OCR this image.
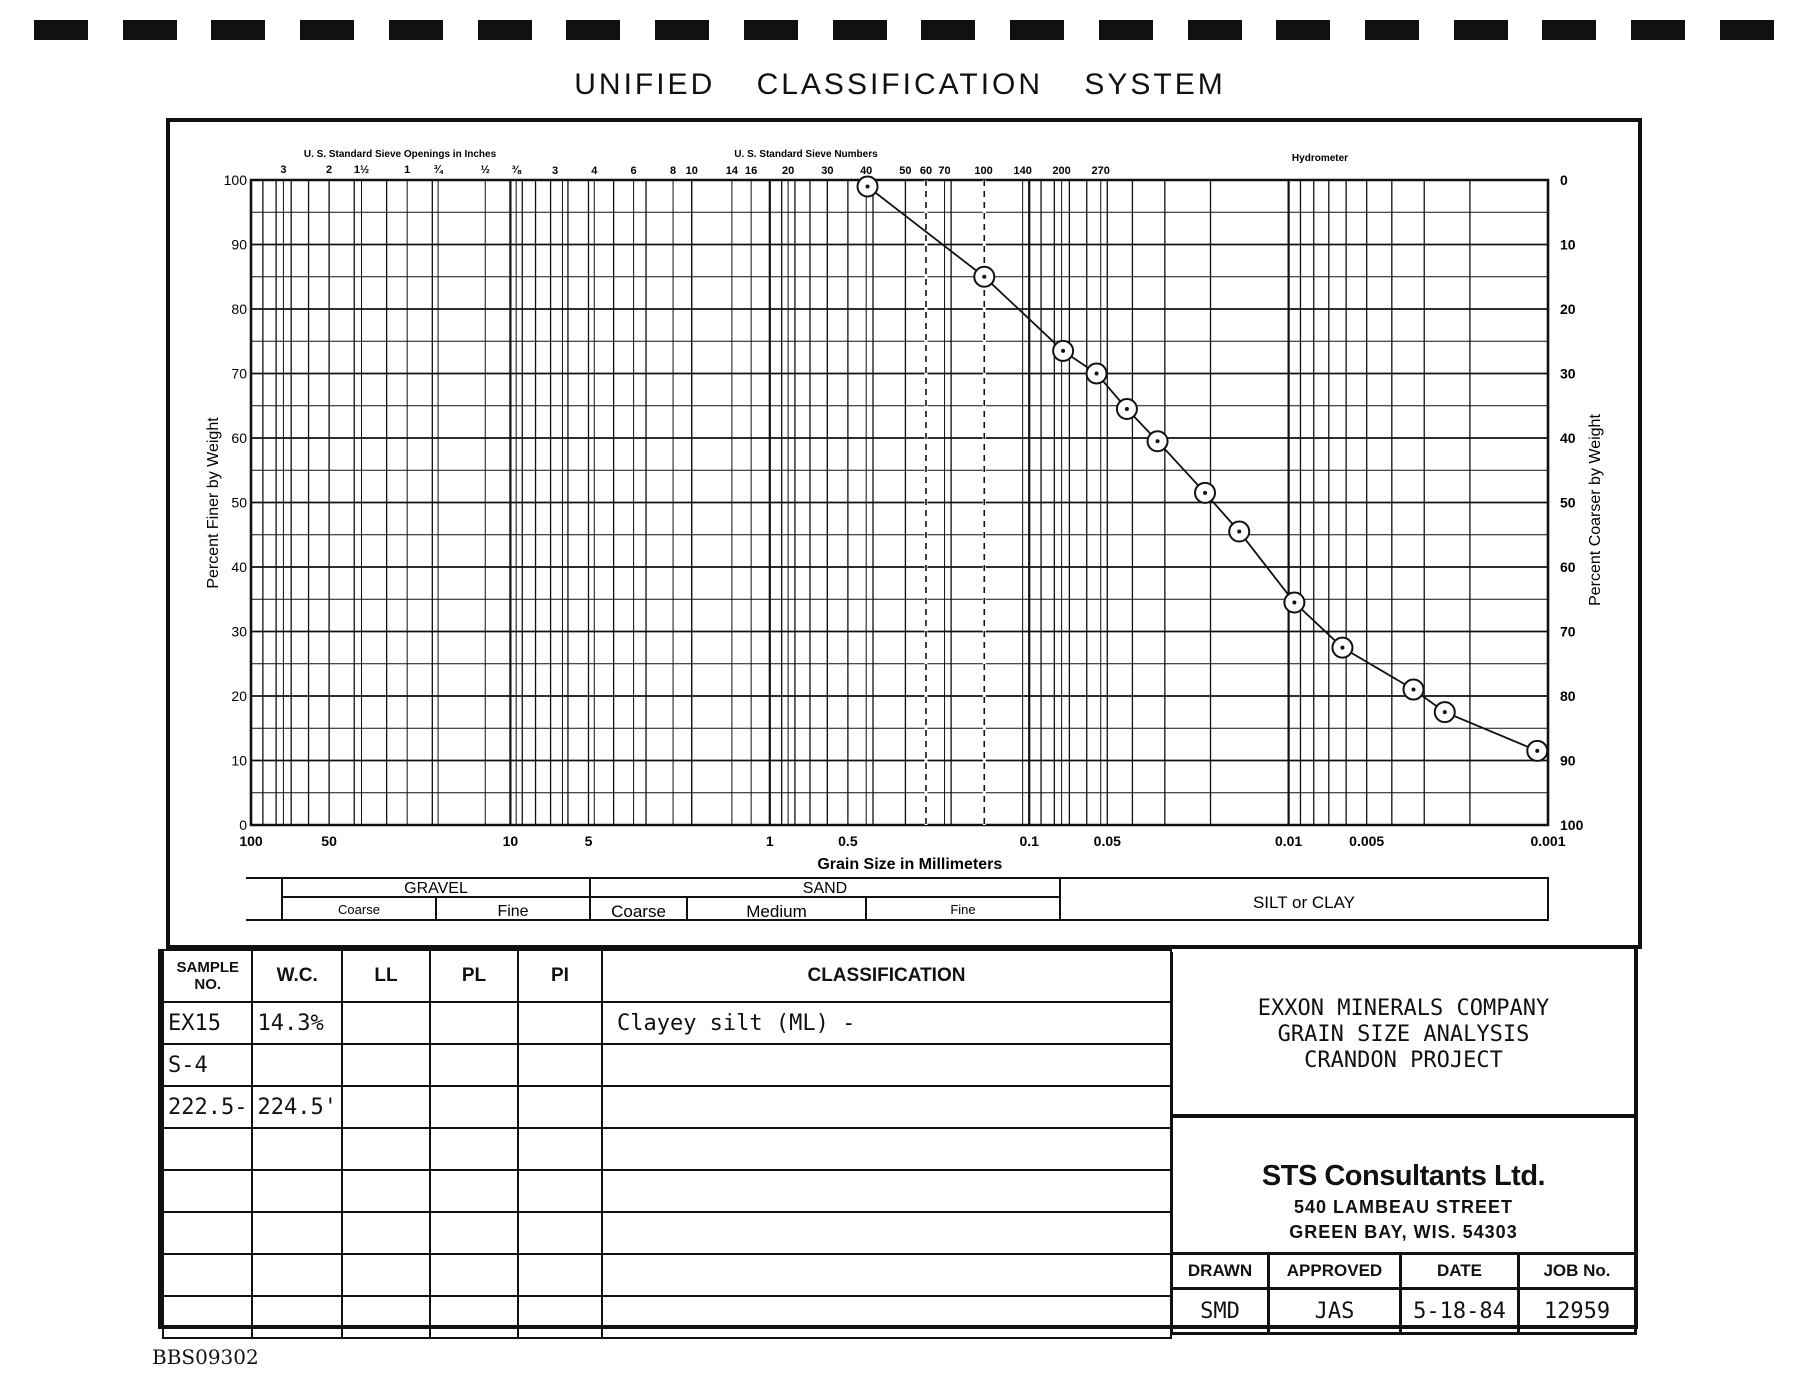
UNIFIED CLASSIFICATION SYSTEM
0
10
20
30
40
50
60
70
80
90
100
100
90
80
70
60
50
40
30
20
10
0
100	50	10	5	1	0.5	0.1	0.05	0.01	0.005	0.001
Grain Size in Millimeters
Percent Finer by Weight	Percent Coarser by Weight
U. S. Standard Sieve Openings in Inches	U. S. Standard Sieve Numbers	Hydrometer
3	2 1½	1 ¾	½ ⅜	3	4	6	8 10	14 16 20 30 40 50 60 70 100 140 200 270
GRAVEL	SAND
SILT or CLAY
Coarse	Fine	Coarse	Medium	Fine
SAMPLE NO.	W.C.	LL	PL	PI	CLASSIFICATION
EX15	14.3%				Clayey silt (ML) -
S-4					
222.5-	224.5'				

EXXON MINERALS COMPANY
GRAIN SIZE ANALYSIS
CRANDON PROJECT
STS Consultants Ltd.
540 LAMBEAU STREET
GREEN BAY, WIS. 54303
DRAWN	APPROVED	DATE	JOB No.
SMD	JAS	5-18-84	12959
BBS09302
